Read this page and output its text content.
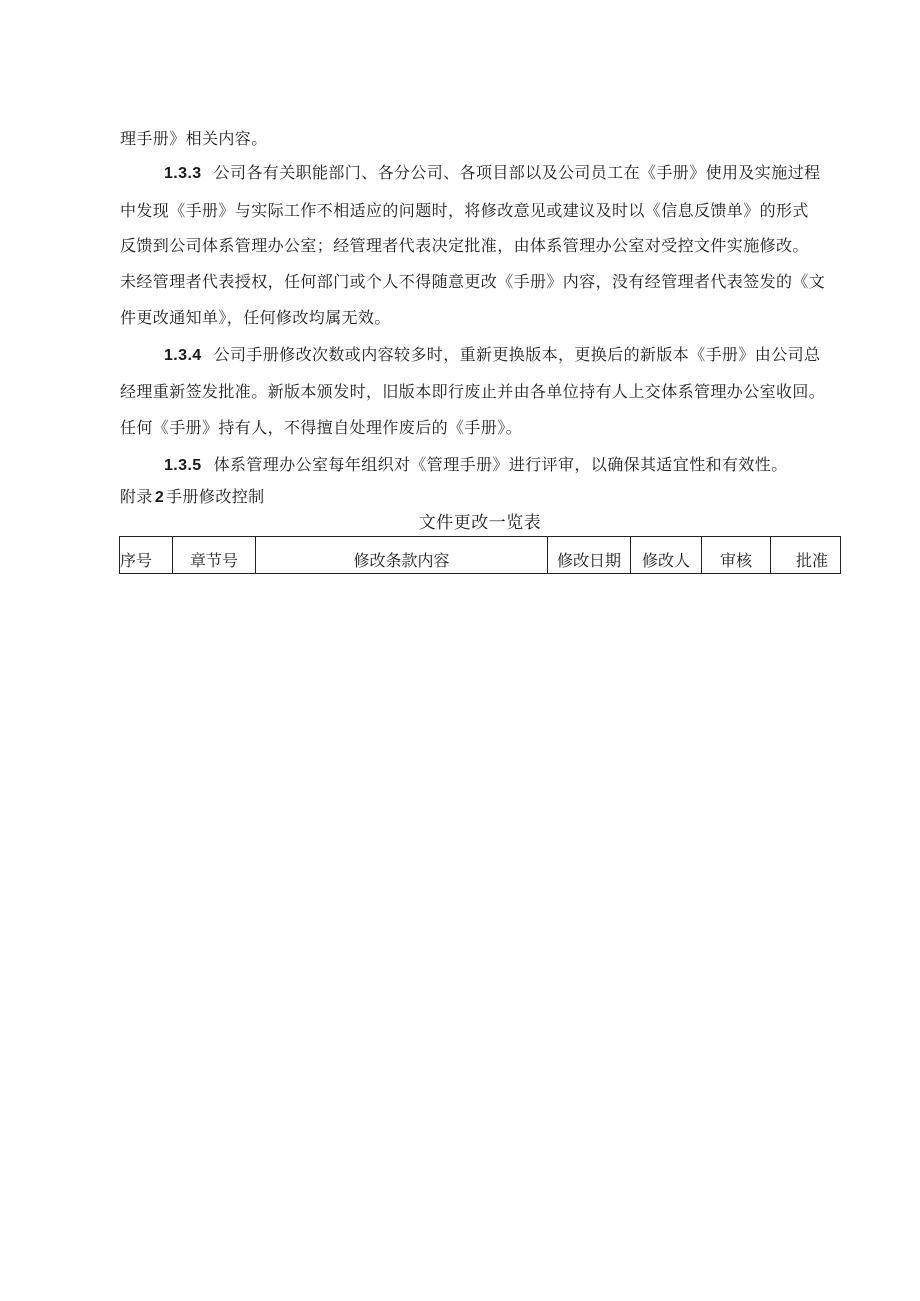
理手册》相关内容。
1.3.3 公司各有关职能部门、各分公司、各项目部以及公司员工在《手册》使用及实施过程
中发现《手册》与实际工作不相适应的问题时，将修改意见或建议及时以《信息反馈单》的形式
反馈到公司体系管理办公室；经管理者代表决定批准，由体系管理办公室对受控文件实施修改。
未经管理者代表授权，任何部门或个人不得随意更改《手册》内容，没有经管理者代表签发的《文
件更改通知单》，任何修改均属无效。
1.3.4 公司手册修改次数或内容较多时，重新更换版本，更换后的新版本《手册》由公司总
经理重新签发批准。新版本颁发时，旧版本即行废止并由各单位持有人上交体系管理办公室收回。
任何《手册》持有人，不得擅自处理作废后的《手册》。
1.3.5 体系管理办公室每年组织对《管理手册》进行评审，以确保其适宜性和有效性。
附录 2 手册修改控制
文件更改一览表
序号	章节号	修改条款内容	修改日期	修改人	审核	批准
